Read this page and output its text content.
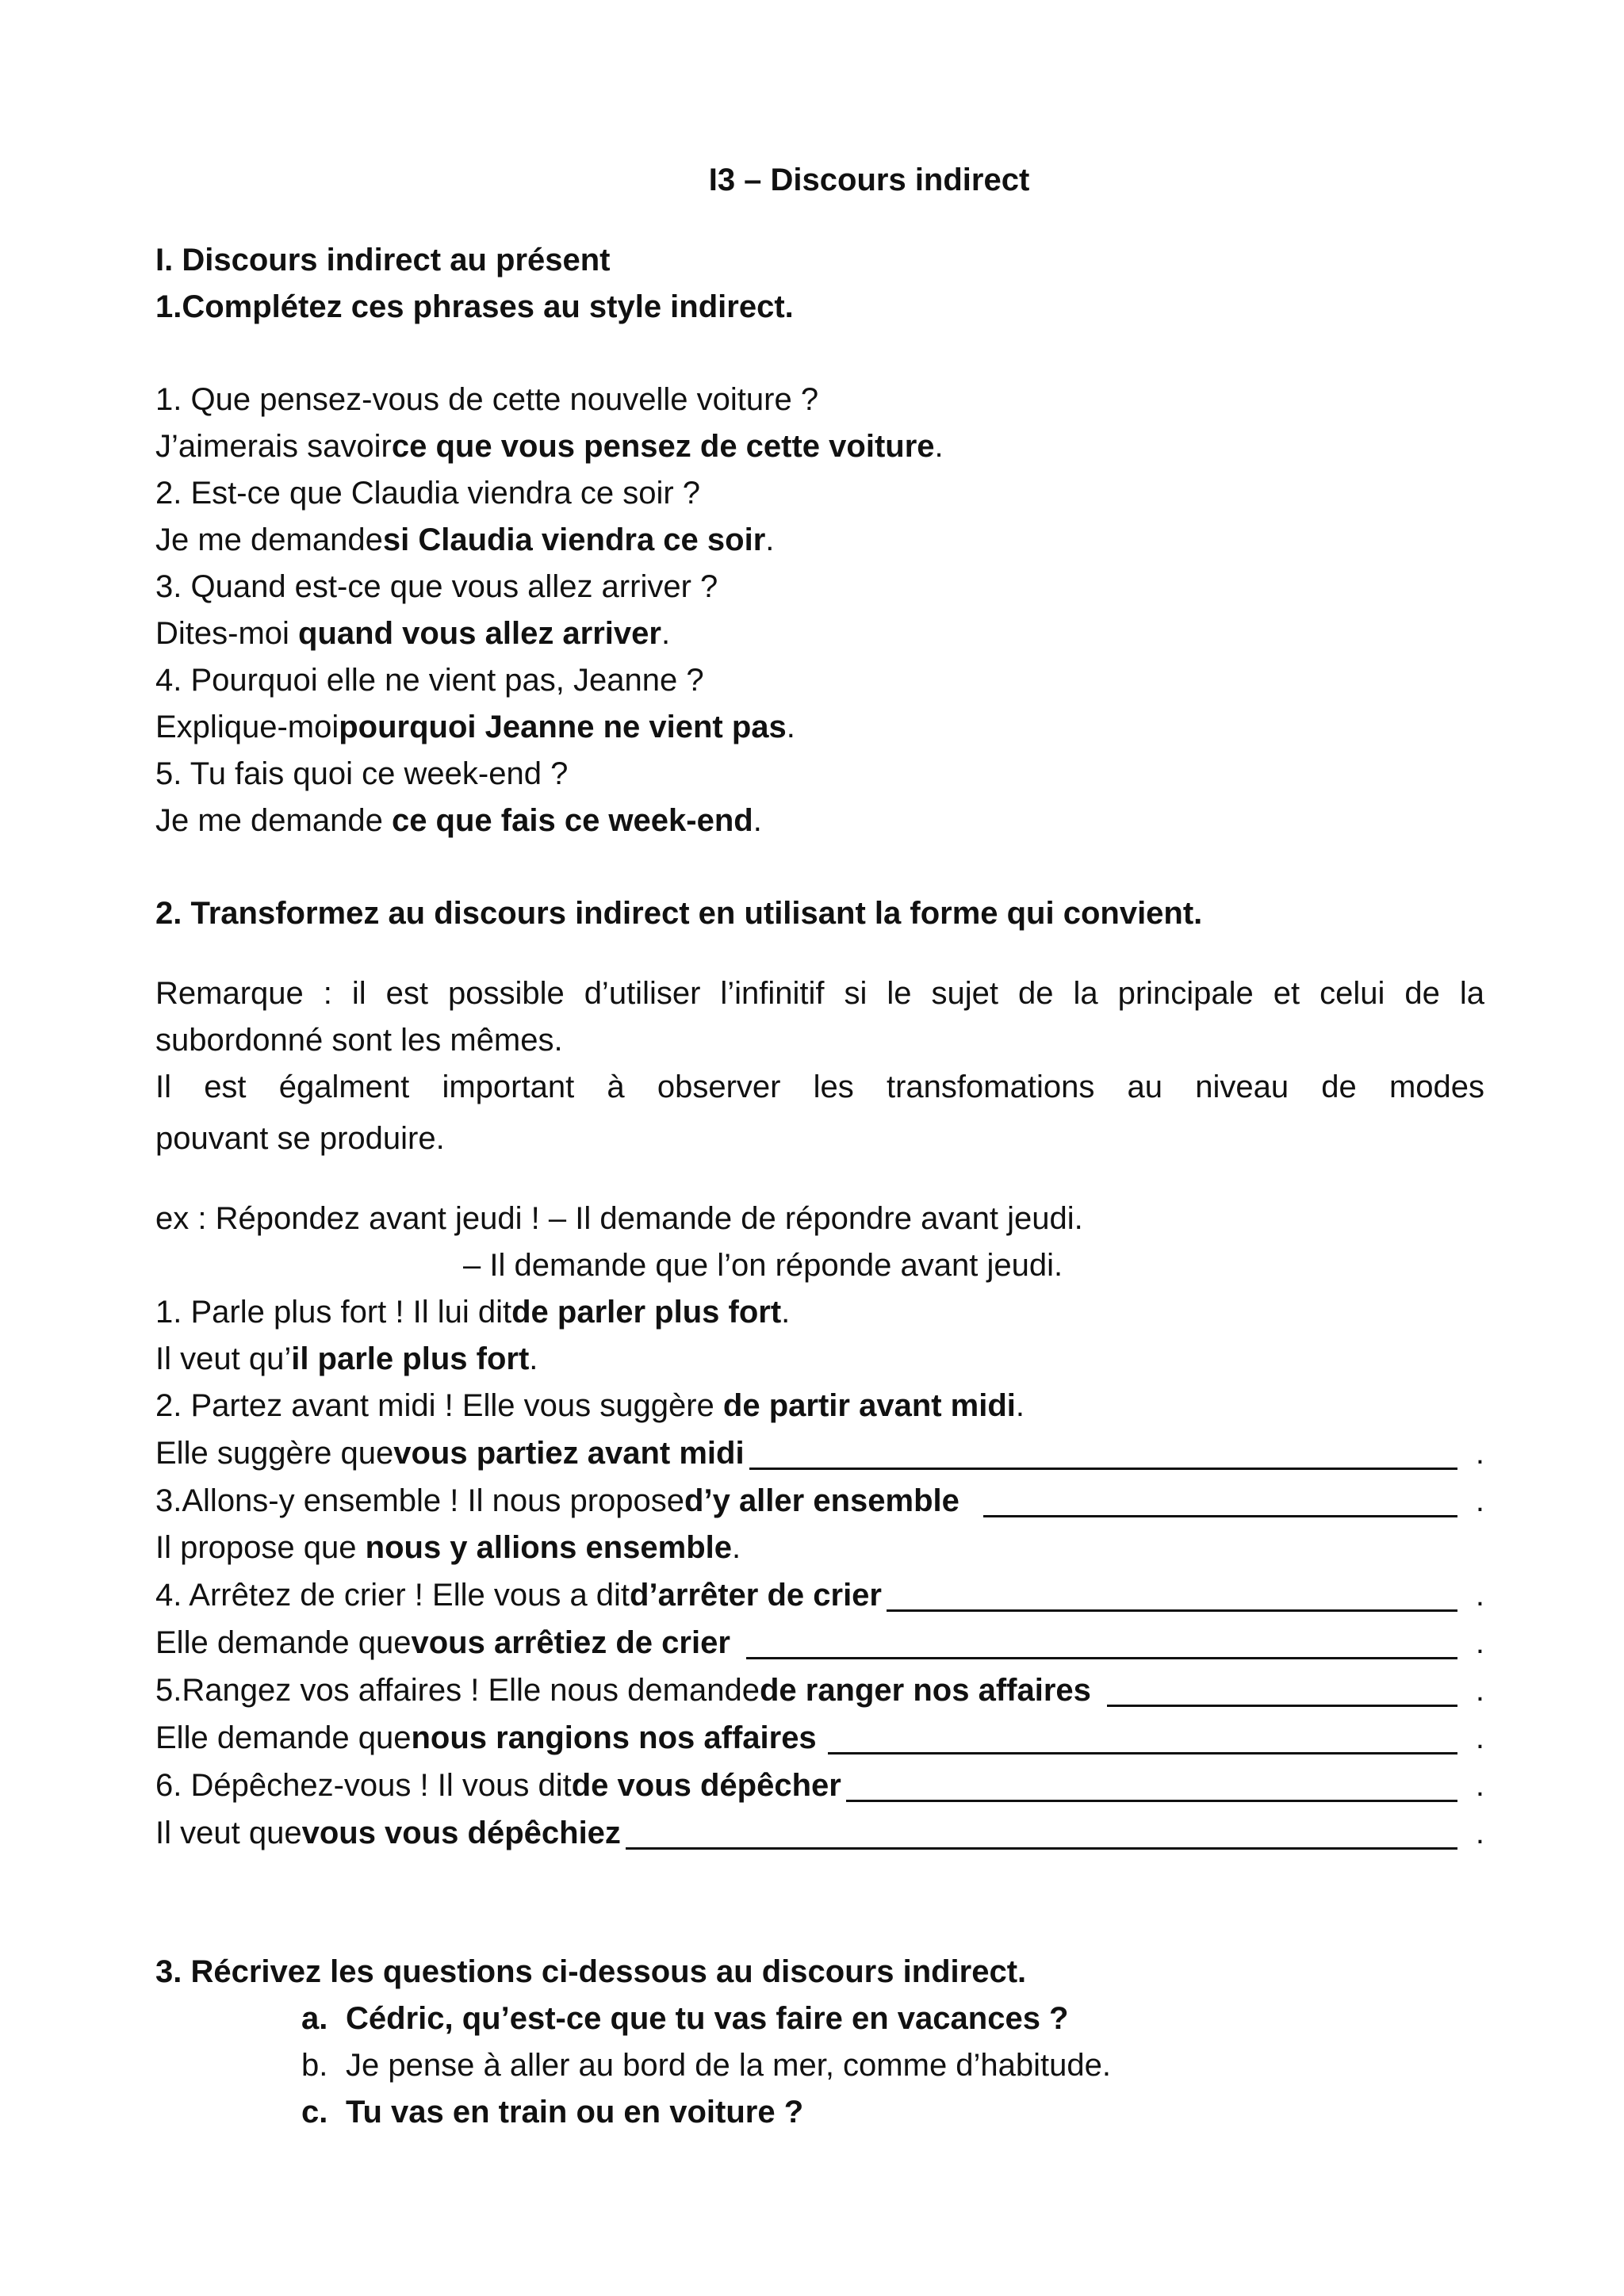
I3 – Discours indirect
I. Discours indirect au présent
1.Complétez ces phrases au style indirect.
1. Que pensez-vous de cette nouvelle voiture ?
J’aimerais savoirce que vous pensez de cette voiture.
2. Est-ce que Claudia viendra ce soir ?
Je me demandesi Claudia viendra ce soir.
3. Quand est-ce que vous allez arriver ?
Dites-moi quand vous allez arriver.
4. Pourquoi elle ne vient pas, Jeanne ?
Explique-moipourquoi Jeanne ne vient pas.
5. Tu fais quoi ce week-end ?
Je me demande ce que fais ce week-end.
2. Transformez au discours indirect en utilisant la forme qui convient.
Remarque : il est possible d’utiliser l’infinitif si le sujet de la principale et celui de la subordonné sont les mêmes.
Il est égalment important à observer les transfomations au niveau de modes
pouvant se produire.
ex : Répondez avant jeudi ! – Il demande de répondre avant jeudi.
– Il demande que l’on réponde avant jeudi.
1. Parle plus fort ! Il lui ditde parler plus fort.
Il veut qu’il parle plus fort.
2. Partez avant midi ! Elle vous suggère de partir avant midi.
Elle suggère que vous partiez avant midi	.
3.Allons-y ensemble ! Il nous propose d’y aller ensemble	.
Il propose que nous y allions ensemble.
4. Arrêtez de crier ! Elle vous a dit d’arrêter de crier	.
Elle demande que vous arrêtiez de crier	.
5.Rangez vos affaires ! Elle nous demande de ranger nos affaires	.
Elle demande que nous rangions nos affaires	.
6. Dépêchez-vous ! Il vous dit de vous dépêcher	.
Il veut que vous vous dépêchiez	.
3. Récrivez les questions ci-dessous au discours indirect.
a. Cédric, qu’est-ce que tu vas faire en vacances ?
b. Je pense à aller au bord de la mer, comme d’habitude.
c. Tu vas en train ou en voiture ?
